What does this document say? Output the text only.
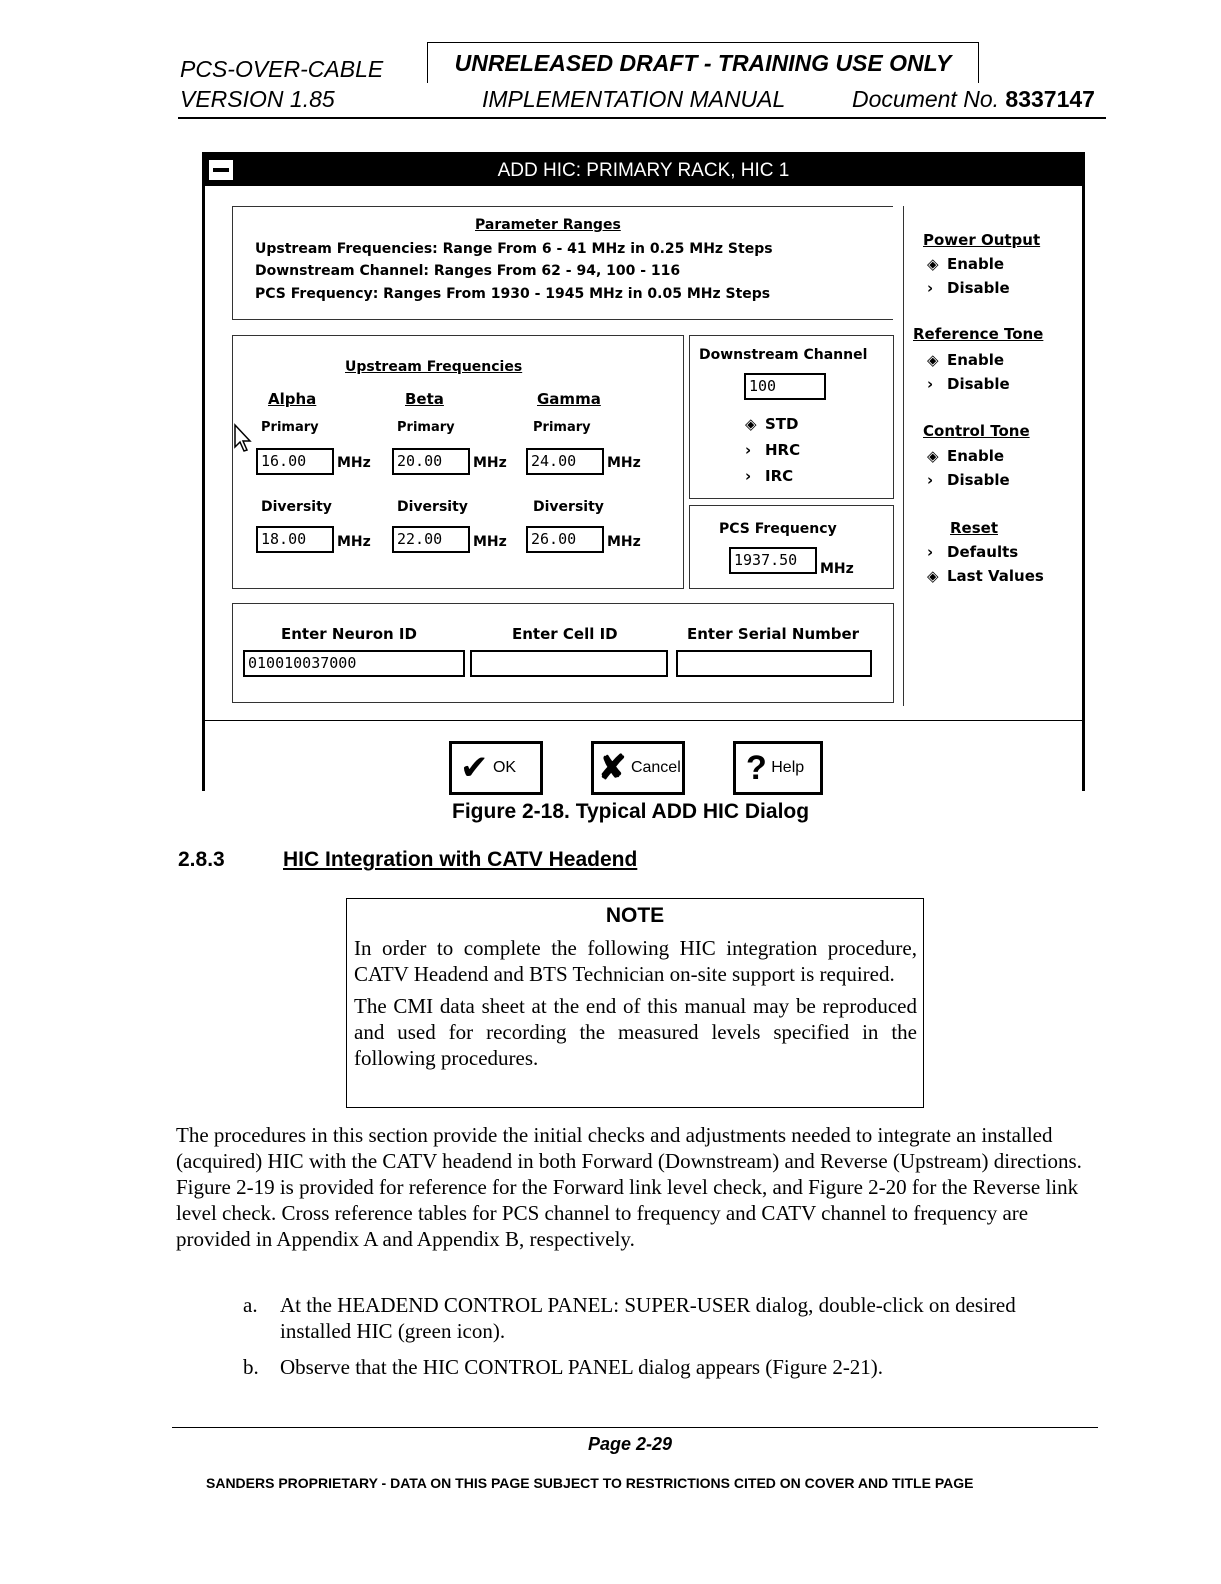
PCS-OVER-CABLE
VERSION 1.85
UNRELEASED DRAFT - TRAINING USE ONLY
IMPLEMENTATION MANUAL	Document No. 8337147
ADD HIC: PRIMARY RACK, HIC 1
Parameter Ranges
Upstream Frequencies: Range From 6 - 41 MHz in 0.25 MHz Steps
Downstream Channel: Ranges From 62 - 94, 100 - 116
PCS Frequency: Ranges From 1930 - 1945 MHz in 0.05 MHz Steps
Upstream Frequencies
Alpha	Beta	Gamma
Primary	Primary	Primary
16.00	MHz	20.00	MHz	24.00	MHz
Diversity	Diversity	Diversity
18.00	MHz	22.00	MHz	26.00	MHz
Downstream Channel
100
◈ STD
› HRC
› IRC
PCS Frequency
1937.50	MHz
Enter Neuron ID	Enter Cell ID	Enter Serial Number
010010037000
Power Output
◈ Enable
› Disable
Reference Tone
◈ Enable
› Disable
Control Tone
◈ Enable
› Disable
Reset
› Defaults
◈ Last Values
✔ OK	✘ Cancel	? Help
Figure 2-18. Typical ADD HIC Dialog
2.8.3	HIC Integration with CATV Headend
NOTE

In order to complete the following HIC integration procedure, CATV Headend and BTS Technician on-site support is required.

The CMI data sheet at the end of this manual may be reproduced and used for recording the measured levels specified in the following procedures.

The procedures in this section provide the initial checks and adjustments needed to integrate an installed (acquired) HIC with the CATV headend in both Forward (Downstream) and Reverse (Upstream) directions. Figure 2-19 is provided for reference for the Forward link level check, and Figure 2-20 for the Reverse link level check. Cross reference tables for PCS channel to frequency and CATV channel to frequency are provided in Appendix A and Appendix B, respectively.

a. At the HEADEND CONTROL PANEL: SUPER-USER dialog, double-click on desired installed HIC (green icon).
b. Observe that the HIC CONTROL PANEL dialog appears (Figure 2-21).
Page 2-29
SANDERS PROPRIETARY - DATA ON THIS PAGE SUBJECT TO RESTRICTIONS CITED ON COVER AND TITLE PAGE
